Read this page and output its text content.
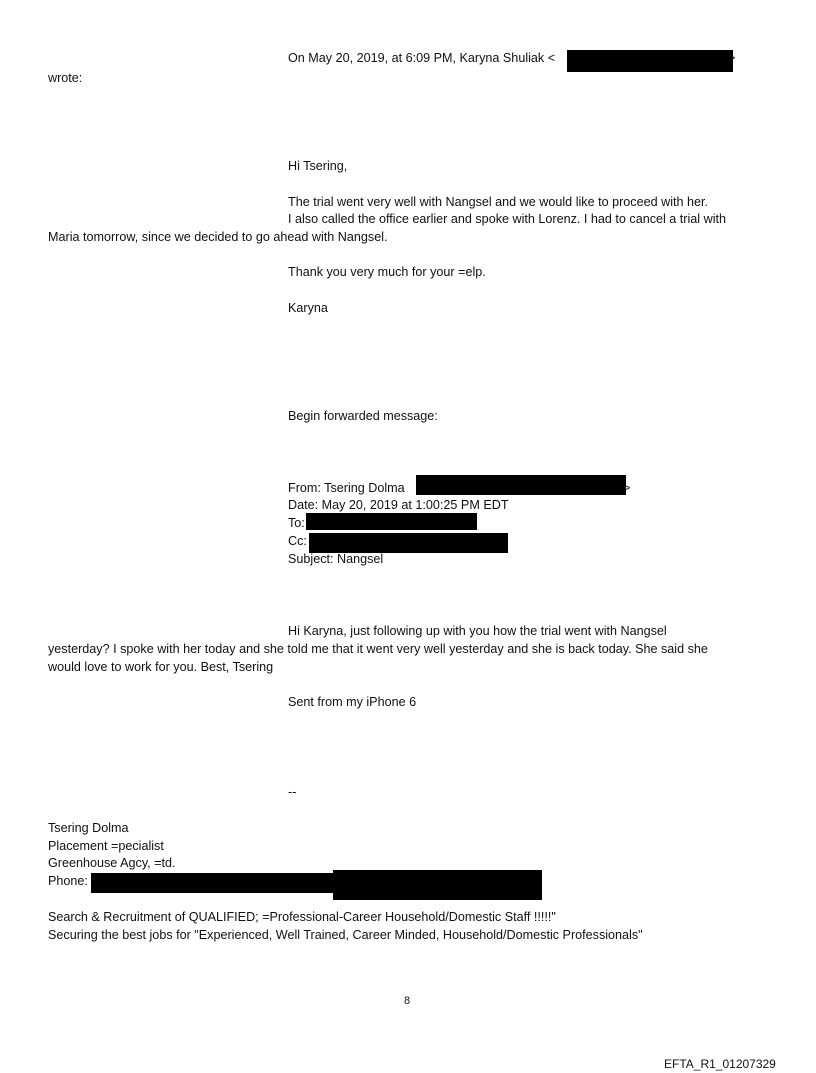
On May 20, 2019, at 6:09 PM, Karyna Shuliak <	>
wrote:
Hi Tsering,
The trial went very well with Nangsel and we would like to proceed with her.
I also called the office earlier and spoke with Lorenz. I had to cancel a trial with
Maria tomorrow, since we decided to go ahead with Nangsel.
Thank you very much for your =elp.
Karyna
Begin forwarded message:
From: Tsering Dolma	>
Date: May 20, 2019 at 1:00:25 PM EDT
To:
Cc:
Subject: Nangsel
Hi Karyna, just following up with you how the trial went with Nangsel
yesterday? I spoke with her today and she told me that it went very well yesterday and she is back today. She said she
would love to work for you. Best, Tsering
Sent from my iPhone 6
--
Tsering Dolma
Placement =pecialist
Greenhouse Agcy, =td.
Phone:
Search & Recruitment of QUALIFIED; =Professional-Career Household/Domestic Staff !!!!!"
Securing the best jobs for "Experienced, Well Trained, Career Minded, Household/Domestic Professionals"
8
EFTA_R1_01207329
